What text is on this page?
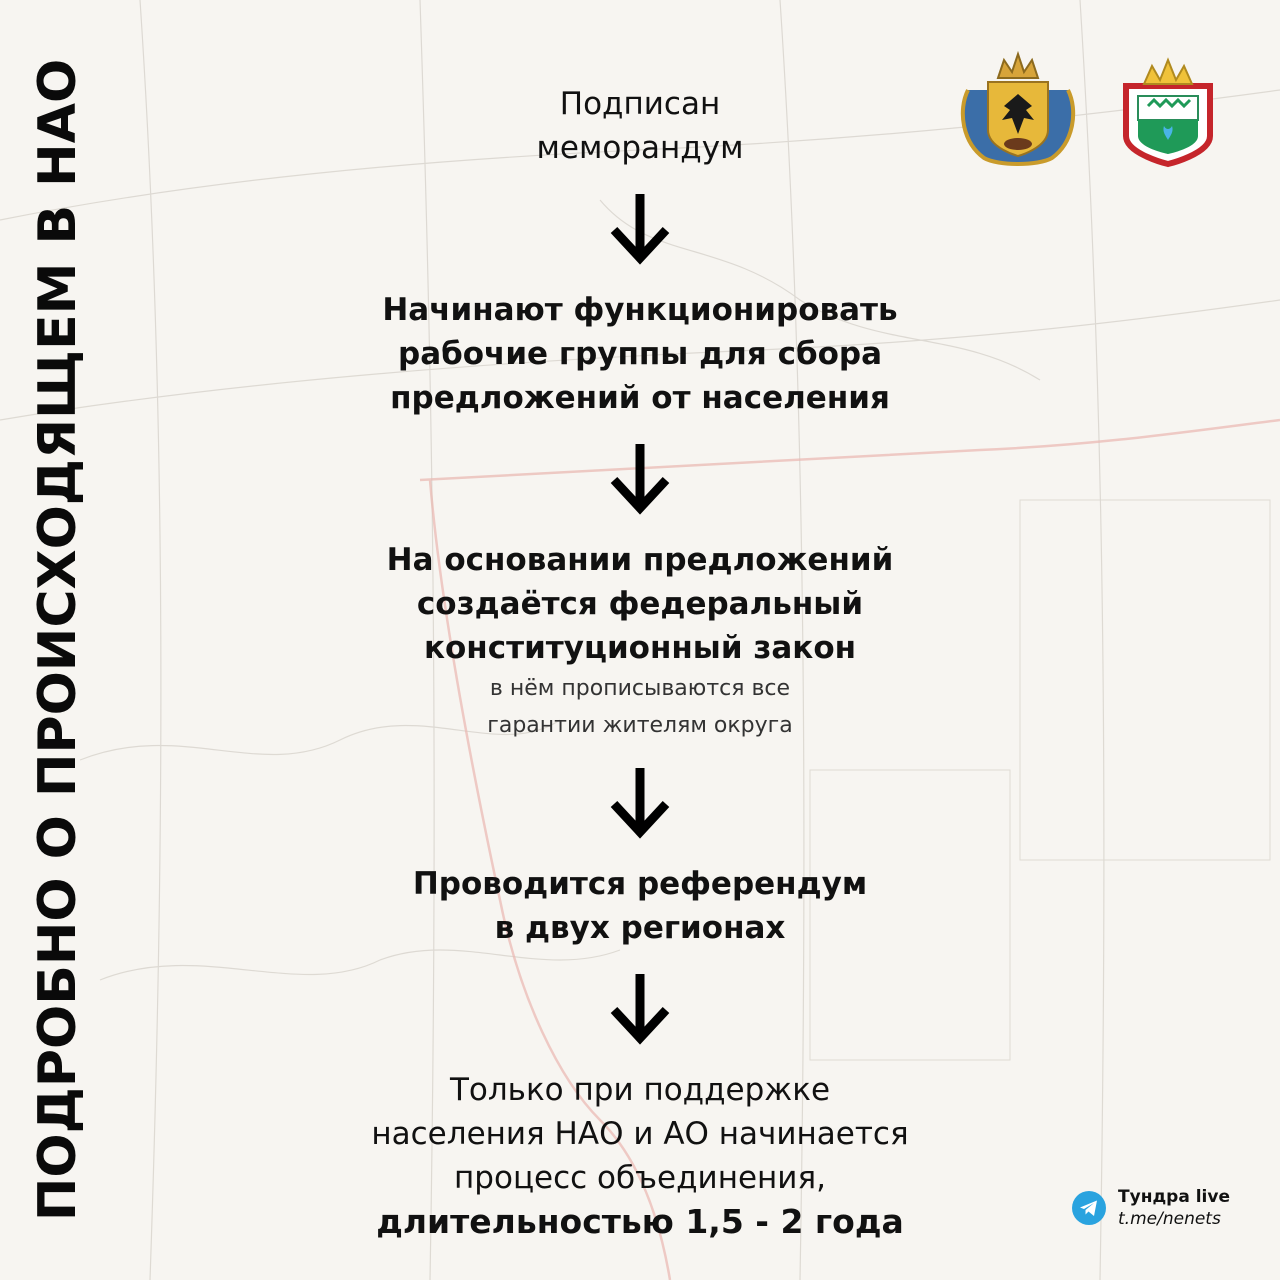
ПОДРОБНО О ПРОИСХОДЯЩЕМ В НАО	Подписан
меморандум
Начинают функционировать
рабочие группы для сбора
предложений от населения
На основании предложений
создаётся федеральный
конституционный закон
в нём прописываются все
гарантии жителям округа
Проводится референдум
в двух регионах
Только при поддержке
населения НАО и АО начинается
процесс объединения,
длительностью 1,5 - 2 года
Тундра live
t.me/nenets
